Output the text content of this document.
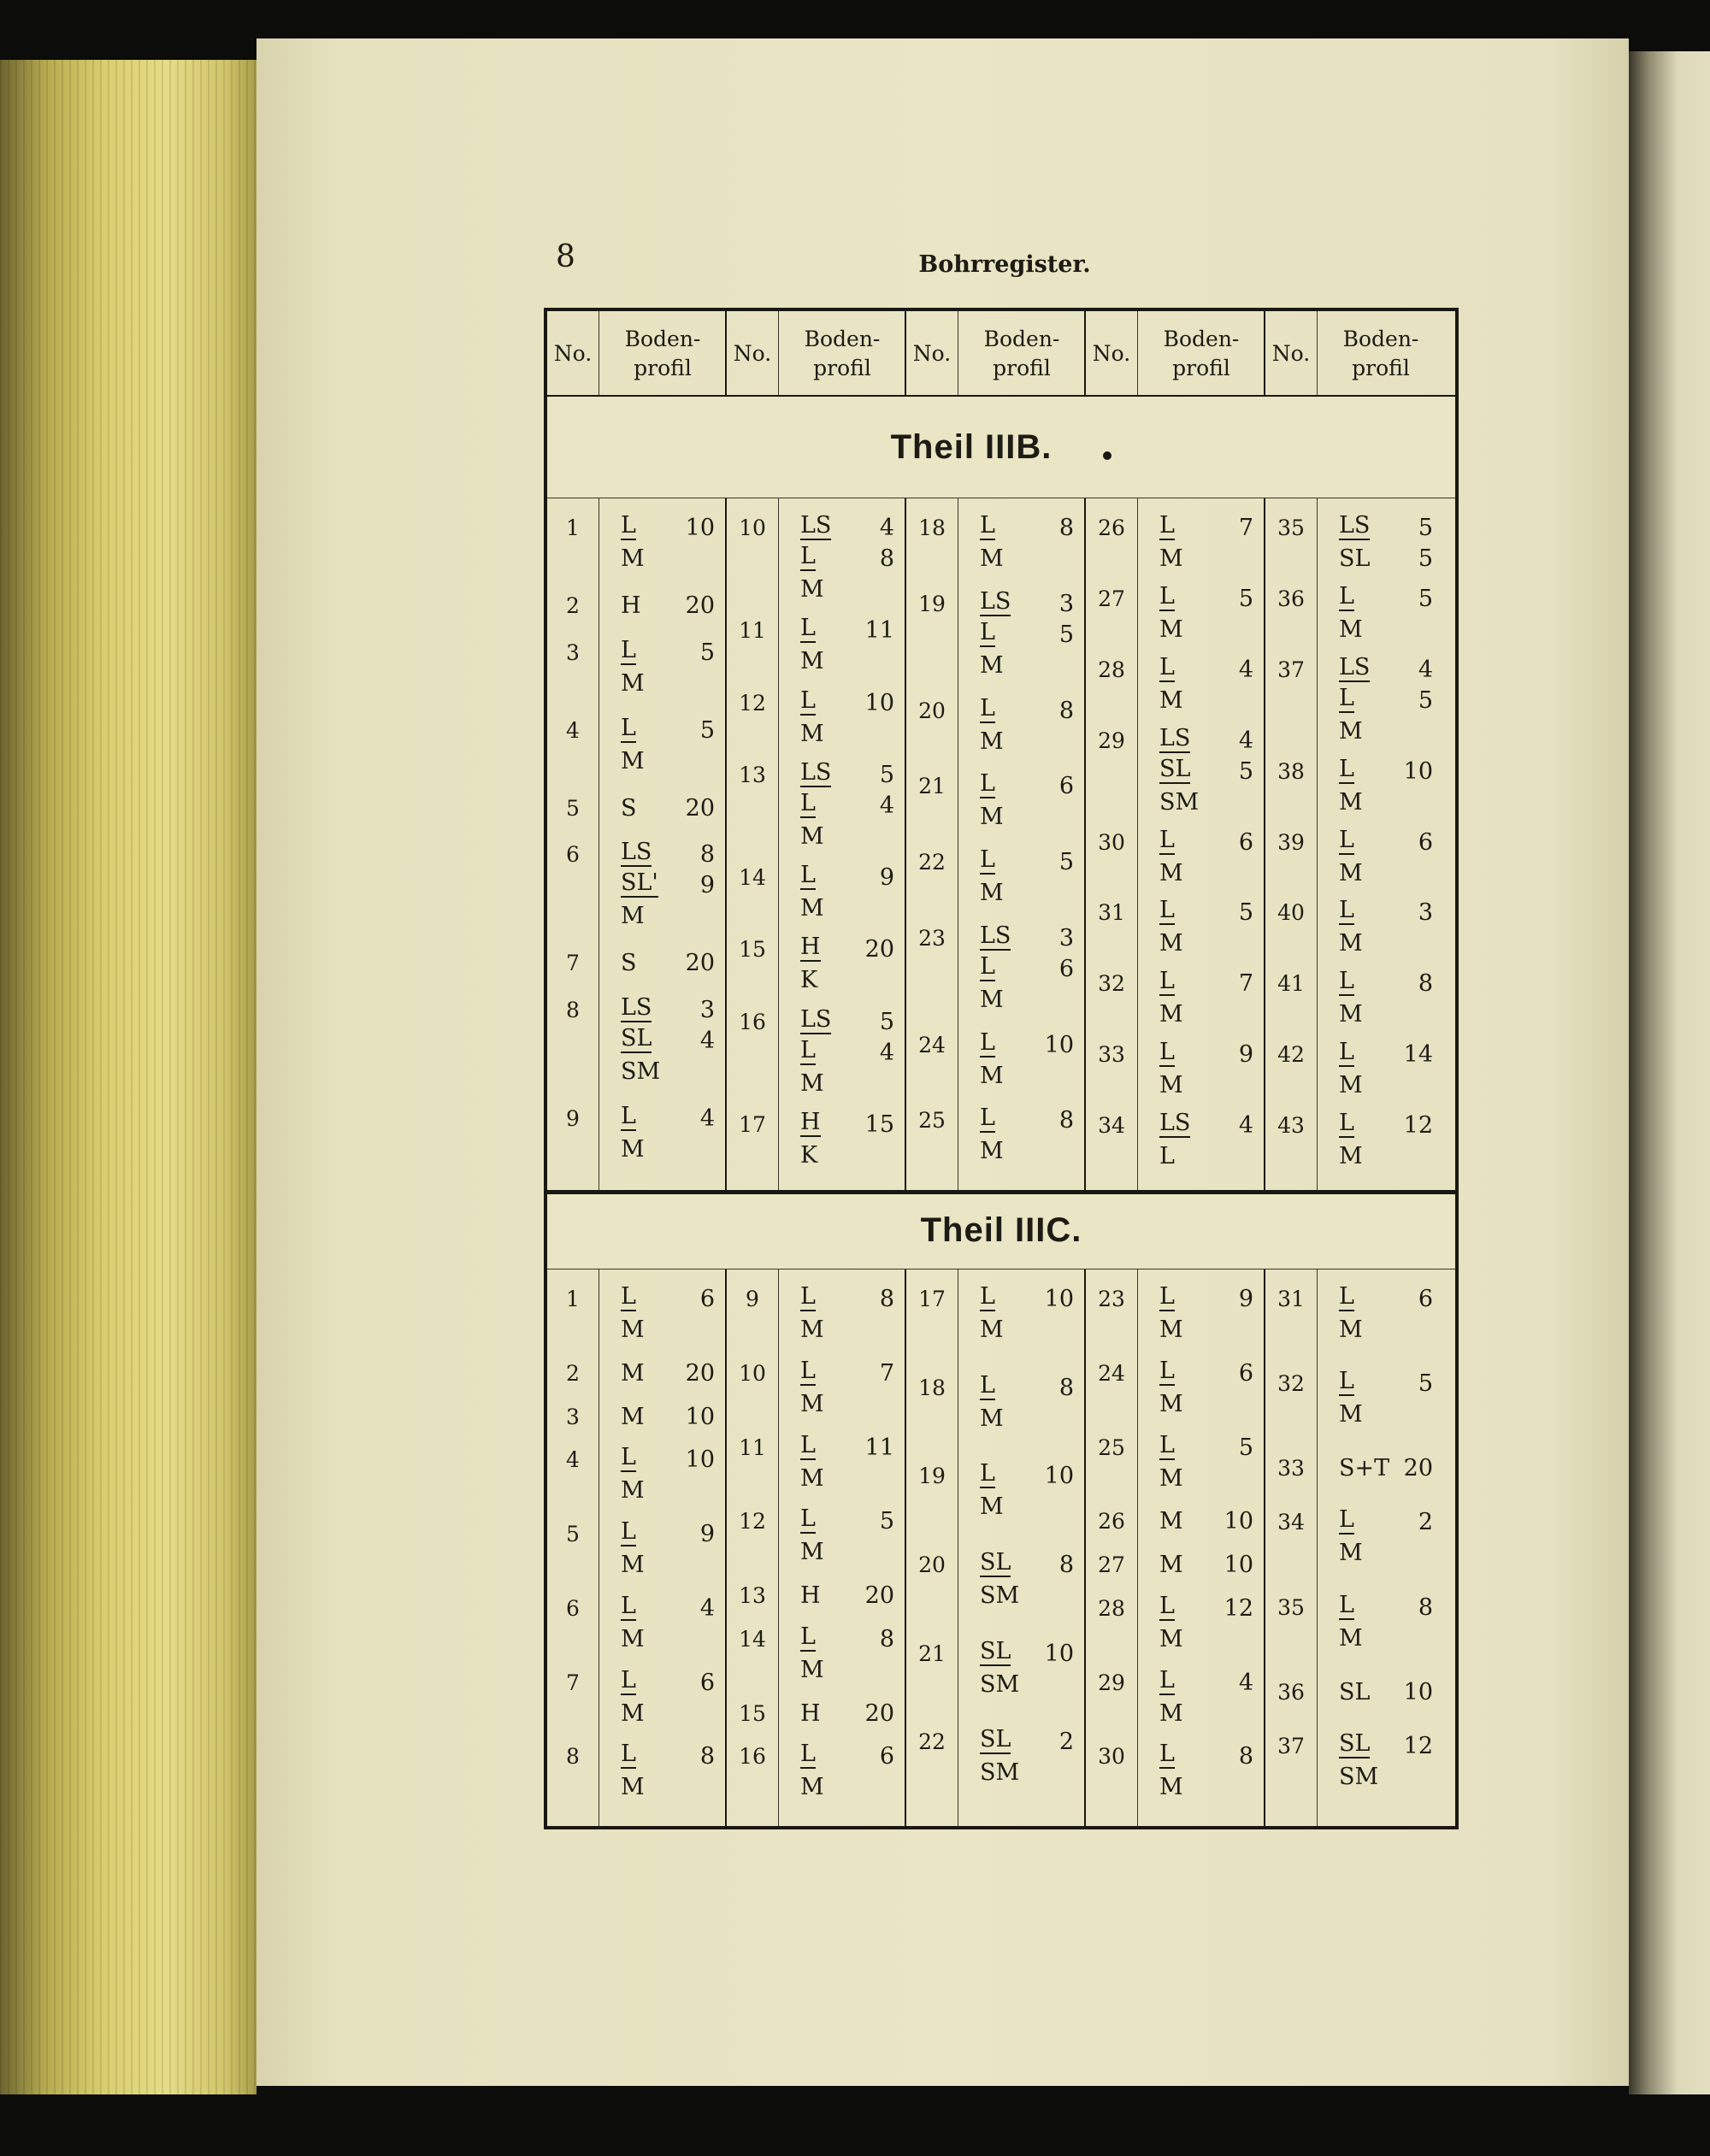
8	Bohrregister.
No.
Boden-
profil
No.
Boden-
profil
No.
Boden-
profil
No.
Boden-
profil
No.
Boden-
profil
Theil IIIB.
1	L 10
M
2	H 20
3	L	5
M
4	L	5
M
5	S 20
6	LS 8
SL' 9
M
7	S 20
8	LS 3
SL 4
SM
9	L	4
M
10	LS 4
L	8
M
11	L 11
M
12	L 10
M
13	LS 5
L	4
M
14	L	9
M
15	H 20
K
16	LS 5
L	4
M
17	H 15
K
18	L	8
M
19	LS 3
L	5
M
20	L	8
M
21	L	6
M
22	L	5
M
23	LS 3
L	6
M
24	L 10
M
25	L	8
M
26	L	7
M
27	L	5
M
28	L	4
M
29	LS 4
SL 5
SM
30	L	6
M
31	L	5
M
32	L	7
M
33	L	9
M
34	LS 4
L
35	LS 5
SL 5
36	L	5
M
37	LS 4
L	5
M
38	L 10
M
39	L	6
M
40	L	3
M
41	L	8
M
42	L 14
M
43	L 12
M
Theil IIIC.
1	L	6
M
2	M 20
3	M 10
4	L 10
M
5	L	9
M
6	L	4
M
7	L	6
M
8	L	8
M
9	L	8
M
10	L	7
M
11	L 11
M
12	L	5
M
13	H 20
14	L	8
M
15	H 20
16	L	6
M
17	L 10
M
18	L	8
M
19	L 10
M
20	SL 8
SM
21	SL 10
SM
22	SL 2
SM
23	L	9
M
24	L	6
M
25	L	5
M
26	M 10
27	M 10
28	L 12
M
29	L	4
M
30	L	8
M
31	L	6
M
32	L	5
M
33	S+T 20
34	L	2
M
35	L	8
M
36	SL 10
37	SL 12
SM
